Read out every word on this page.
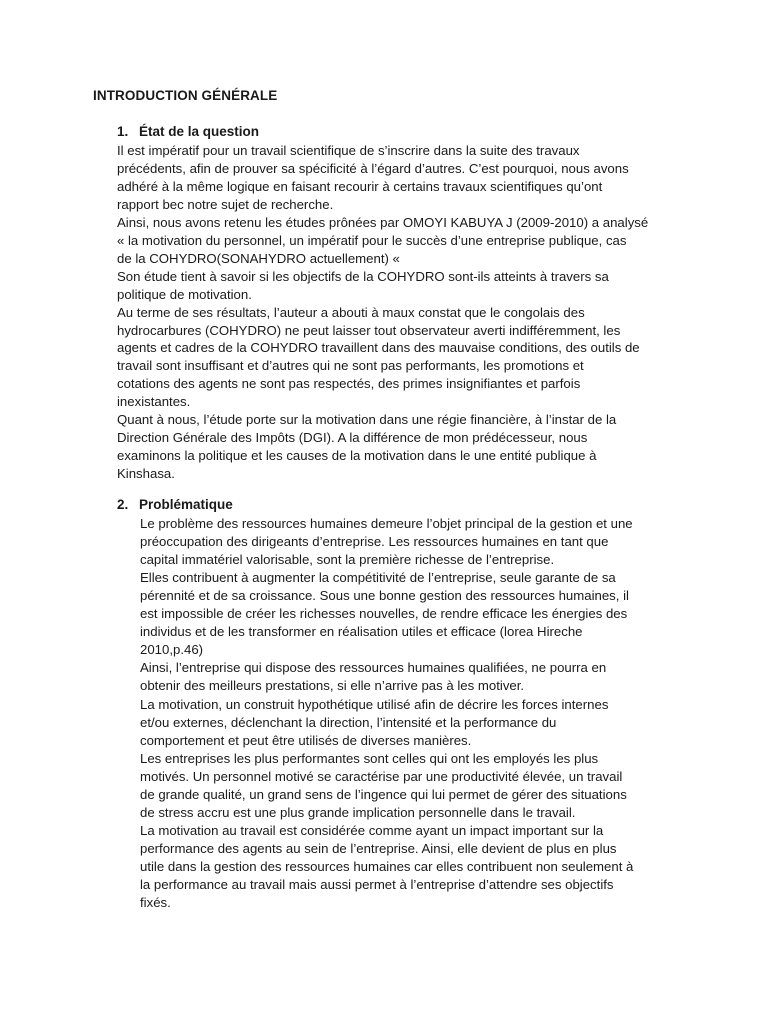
INTRODUCTION GÉNÉRALE
1. État de la question
Il est impératif pour un travail scientifique de s’inscrire dans la suite des travaux
précédents, afin de prouver sa spécificité à l’égard d’autres. C’est pourquoi, nous avons
adhéré à la même logique en faisant recourir à certains travaux scientifiques qu’ont
rapport bec notre sujet de recherche.
Ainsi, nous avons retenu les études prônées par OMOYI KABUYA J (2009-2010) a analysé
« la motivation du personnel, un impératif pour le succès d’une entreprise publique, cas
de la COHYDRO(SONAHYDRO actuellement) «
Son étude tient à savoir si les objectifs de la COHYDRO sont-ils atteints à travers sa
politique de motivation.
Au terme de ses résultats, l’auteur a abouti à maux constat que le congolais des
hydrocarbures (COHYDRO) ne peut laisser tout observateur averti indifféremment, les
agents et cadres de la COHYDRO travaillent dans des mauvaise conditions, des outils de
travail sont insuffisant et d’autres qui ne sont pas performants, les promotions et
cotations des agents ne sont pas respectés, des primes insignifiantes et parfois
inexistantes.
Quant à nous, l’étude porte sur la motivation dans une régie financière, à l’instar de la
Direction Générale des Impôts (DGI). A la différence de mon prédécesseur, nous
examinons la politique et les causes de la motivation dans le une entité publique à
Kinshasa.
2. Problématique
Le problème des ressources humaines demeure l’objet principal de la gestion et une
préoccupation des dirigeants d’entreprise. Les ressources humaines en tant que
capital immatériel valorisable, sont la première richesse de l’entreprise.
Elles contribuent à augmenter la compétitivité de l’entreprise, seule garante de sa
pérennité et de sa croissance. Sous une bonne gestion des ressources humaines, il
est impossible de créer les richesses nouvelles, de rendre efficace les énergies des
individus et de les transformer en réalisation utiles et efficace (lorea Hireche
2010,p.46)
Ainsi, l’entreprise qui dispose des ressources humaines qualifiées, ne pourra en
obtenir des meilleurs prestations, si elle n’arrive pas à les motiver.
La motivation, un construit hypothétique utilisé afin de décrire les forces internes
et/ou externes, déclenchant la direction, l’intensité et la performance du
comportement et peut être utilisés de diverses manières.
Les entreprises les plus performantes sont celles qui ont les employés les plus
motivés. Un personnel motivé se caractérise par une productivité élevée, un travail
de grande qualité, un grand sens de l’ingence qui lui permet de gérer des situations
de stress accru est une plus grande implication personnelle dans le travail.
La motivation au travail est considérée comme ayant un impact important sur la
performance des agents au sein de l’entreprise. Ainsi, elle devient de plus en plus
utile dans la gestion des ressources humaines car elles contribuent non seulement à
la performance au travail mais aussi permet à l’entreprise d’attendre ses objectifs
fixés.
